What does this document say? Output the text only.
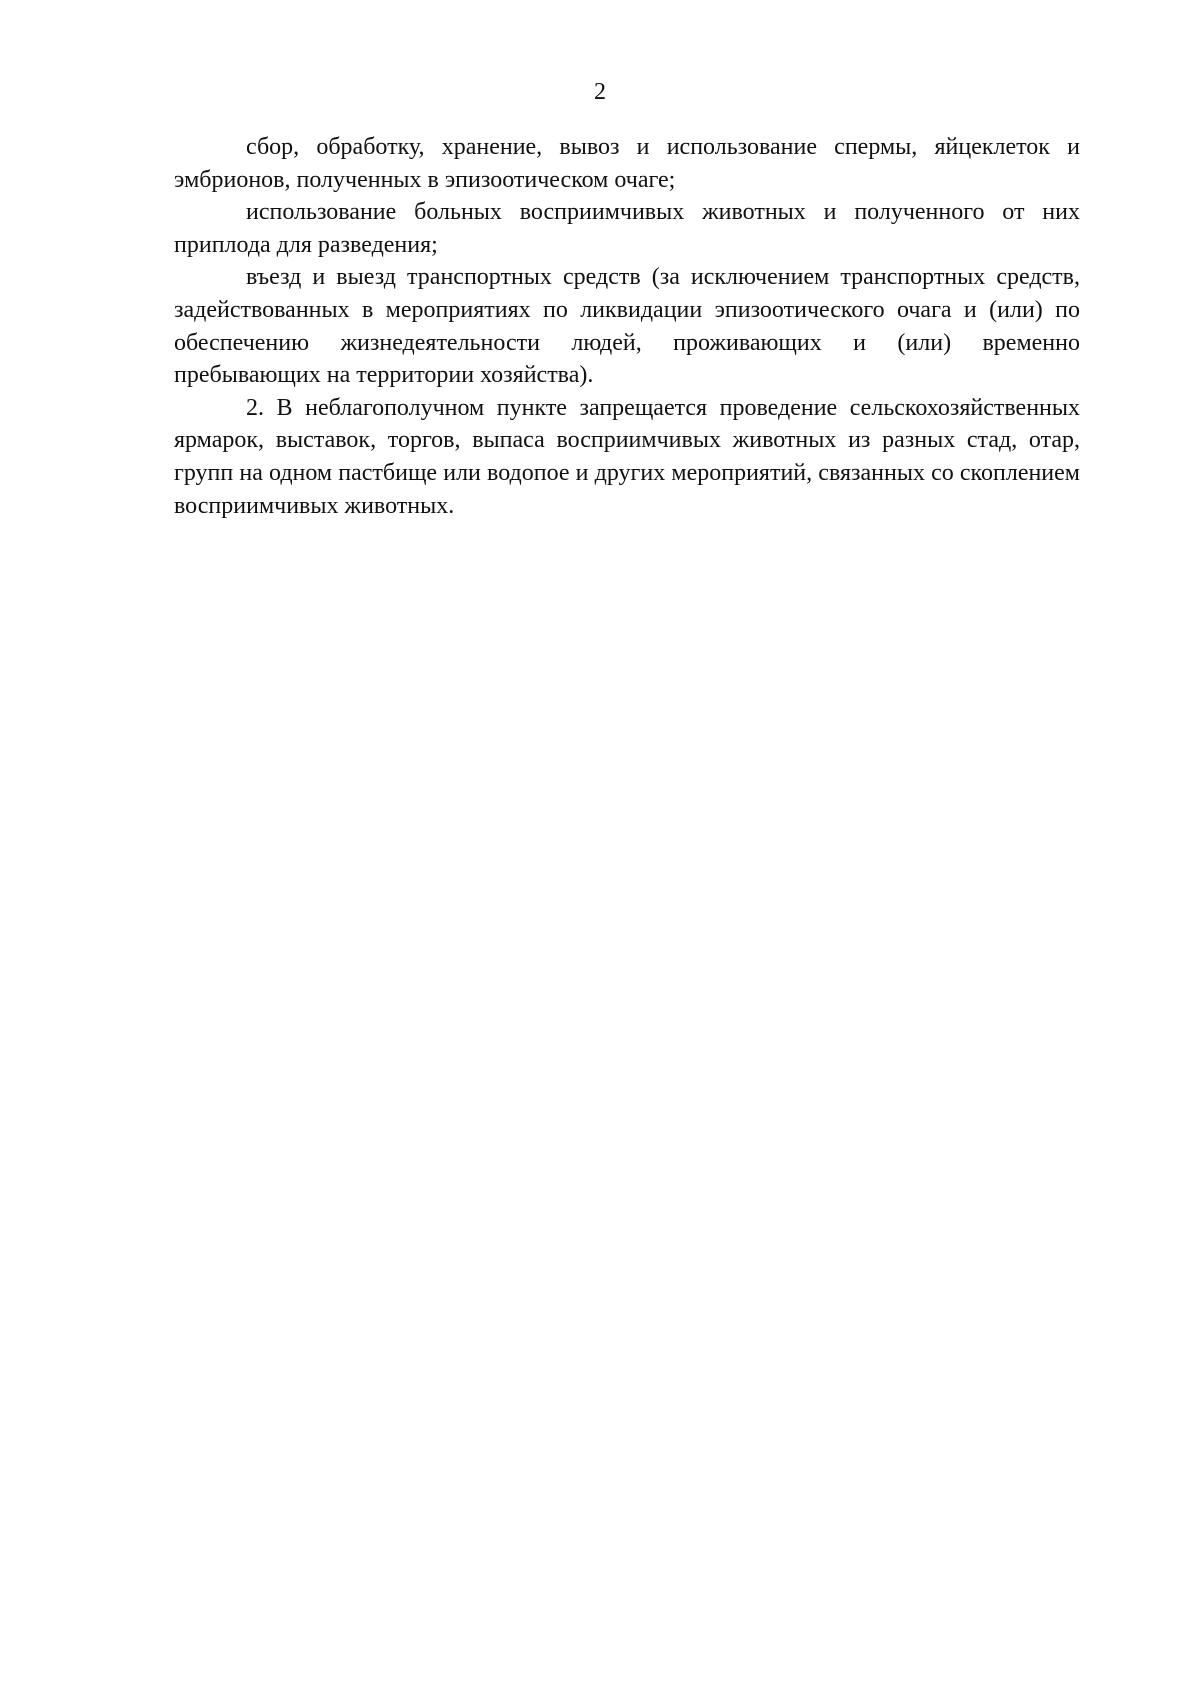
2

сбор, обработку, хранение, вывоз и использование спермы, яйцеклеток и эмбрионов, полученных в эпизоотическом очаге;

использование больных восприимчивых животных и полученного от них приплода для разведения;

въезд и выезд транспортных средств (за исключением транспортных средств, задействованных в мероприятиях по ликвидации эпизоотического очага и (или) по обеспечению жизнедеятельности людей, проживающих и (или) временно пребывающих на территории хозяйства).

2. В неблагополучном пункте запрещается проведение сельскохозяйственных ярмарок, выставок, торгов, выпаса восприимчивых животных из разных стад, отар, групп на одном пастбище или водопое и других мероприятий, связанных со скоплением восприимчивых животных.
